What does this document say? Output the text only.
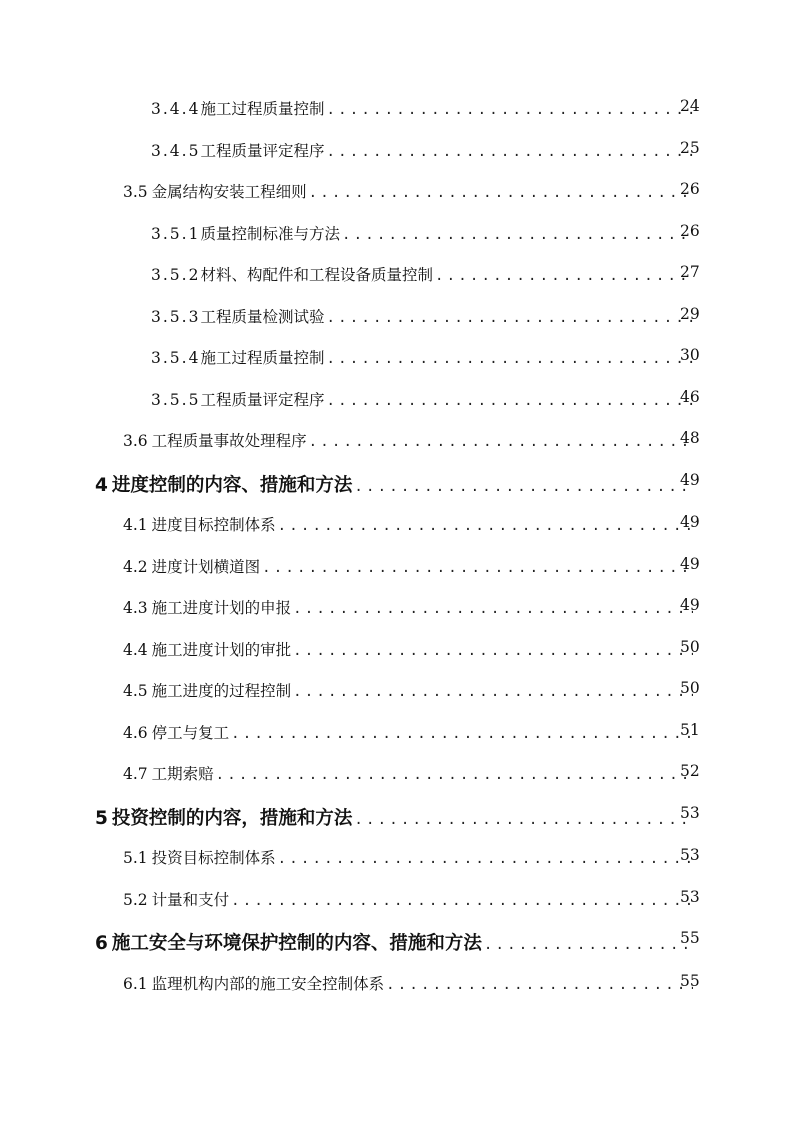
3.4.4 施工过程质量控制 .....	24
3.4.5 工程质量评定程序 .....	25
3.5 金属结构安装工程细则 .....	26
3.5.1 质量控制标准与方法 .....	26
3.5.2 材料、构配件和工程设备质量控制 .....	27
3.5.3 工程质量检测试验 .....	29
3.5.4 施工过程质量控制 .....	30
3.5.5 工程质量评定程序 .....	46
3.6 工程质量事故处理程序 .....	48
4 进度控制的内容、措施和方法 .....	49
4.1 进度目标控制体系 .....	49
4.2 进度计划横道图 .....	49
4.3 施工进度计划的申报 .....	49
4.4 施工进度计划的审批 .....	50
4.5 施工进度的过程控制 .....	50
4.6 停工与复工 .....	51
4.7 工期索赔 .....	52
5 投资控制的内容，措施和方法 .....	53
5.1 投资目标控制体系 .....	53
5.2 计量和支付 .....	53
6 施工安全与环境保护控制的内容、措施和方法 .....	55
6.1 监理机构内部的施工安全控制体系 .....	55
